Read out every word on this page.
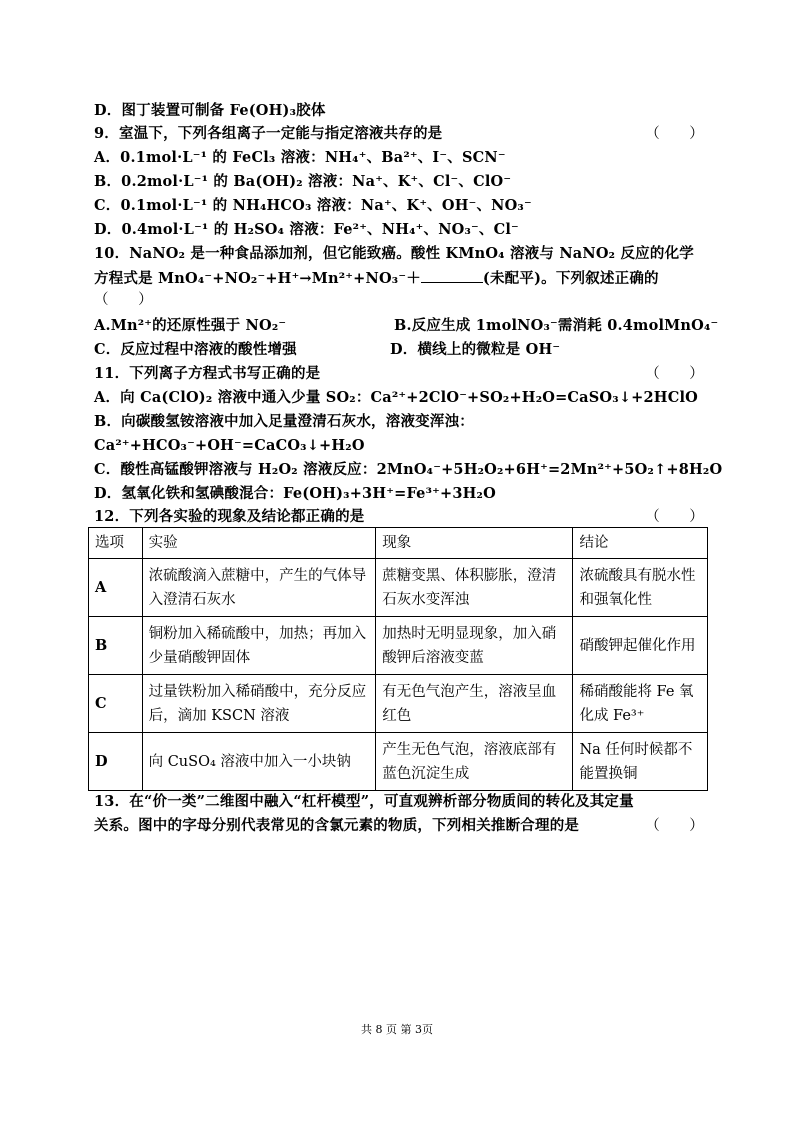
D．图丁装置可制备 Fe(OH)₃胶体
9．室温下，下列各组离子一定能与指定溶液共存的是	（　　）
A．0.1mol·L⁻¹ 的 FeCl₃ 溶液：NH₄⁺、Ba²⁺、I⁻、SCN⁻
B．0.2mol·L⁻¹ 的 Ba(OH)₂ 溶液：Na⁺、K⁺、Cl⁻、ClO⁻
C．0.1mol·L⁻¹ 的 NH₄HCO₃ 溶液：Na⁺、K⁺、OH⁻、NO₃⁻
D．0.4mol·L⁻¹ 的 H₂SO₄ 溶液：Fe²⁺、NH₄⁺、NO₃⁻、Cl⁻
10．NaNO₂ 是一种食品添加剂，但它能致癌。酸性 KMnO₄ 溶液与 NaNO₂ 反应的化学
方程式是 MnO₄⁻+NO₂⁻+H⁺→Mn²⁺+NO₃⁻＋	(未配平)。下列叙述正确的
（　　）
A.Mn²⁺的还原性强于 NO₂⁻	B.反应生成 1molNO₃⁻需消耗 0.4molMnO₄⁻
C．反应过程中溶液的酸性增强	D．横线上的微粒是 OH⁻
11．下列离子方程式书写正确的是	（　　）
A．向 Ca(ClO)₂ 溶液中通入少量 SO₂：Ca²⁺+2ClO⁻+SO₂+H₂O=CaSO₃↓+2HClO
B．向碳酸氢铵溶液中加入足量澄清石灰水，溶液变浑浊：
Ca²⁺+HCO₃⁻+OH⁻=CaCO₃↓+H₂O
C．酸性高锰酸钾溶液与 H₂O₂ 溶液反应：2MnO₄⁻+5H₂O₂+6H⁺=2Mn²⁺+5O₂↑+8H₂O
D．氢氧化铁和氢碘酸混合：Fe(OH)₃+3H⁺=Fe³⁺+3H₂O
12．下列各实验的现象及结论都正确的是	（　　）
选项	实验	现象	结论
A	浓硫酸滴入蔗糖中，产生的气体导入澄清石灰水	蔗糖变黑、体积膨胀，澄清石灰水变浑浊	浓硫酸具有脱水性和强氧化性
B	铜粉加入稀硫酸中，加热；再加入少量硝酸钾固体	加热时无明显现象，加入硝酸钾后溶液变蓝	硝酸钾起催化作用
C	过量铁粉加入稀硝酸中，充分反应后，滴加 KSCN 溶液	有无色气泡产生，溶液呈血红色	稀硝酸能将 Fe 氧化成 Fe³⁺
D	向 CuSO₄ 溶液中加入一小块钠	产生无色气泡，溶液底部有蓝色沉淀生成	Na 任何时候都不能置换铜
13．在“价一类”二维图中融入“杠杆模型”，可直观辨析部分物质间的转化及其定量
关系。图中的字母分别代表常见的含氯元素的物质，下列相关推断合理的是	（　　）
共 8 页 第 3页
